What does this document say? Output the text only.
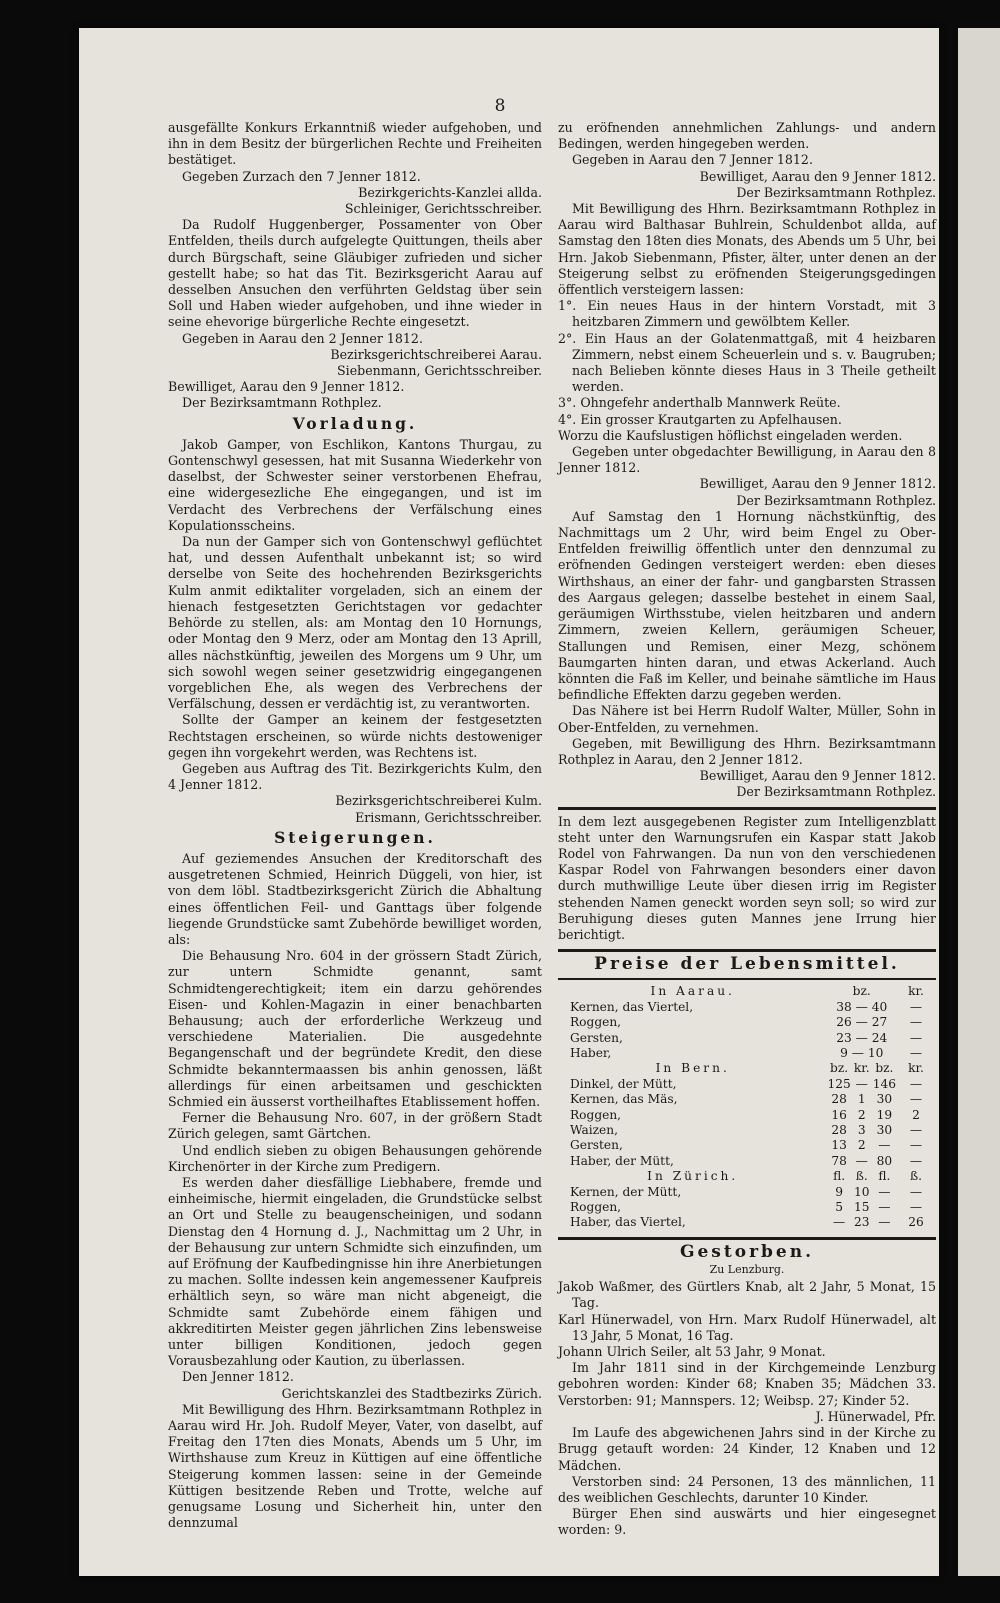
8

ausgefällte Konkurs Erkanntniß wieder aufgehoben, und ihn in dem Besitz der bürgerlichen Rechte und Freiheiten bestätiget.

Gegeben Zurzach den 7 Jenner 1812.

Bezirkgerichts-Kanzlei allda.

Schleiniger, Gerichtsschreiber.

Da Rudolf Huggenberger, Possamenter von Ober Entfelden, theils durch aufgelegte Quittungen, theils aber durch Bürgschaft, seine Gläubiger zufrieden und sicher gestellt habe; so hat das Tit. Bezirksgericht Aarau auf desselben Ansuchen den verführten Geldstag über sein Soll und Haben wieder aufgehoben, und ihne wieder in seine ehevorige bürgerliche Rechte eingesetzt.

Gegeben in Aarau den 2 Jenner 1812.

Bezirksgerichtschreiberei Aarau.

Siebenmann, Gerichtsschreiber.

Bewilliget, Aarau den 9 Jenner 1812.

Der Bezirksamtmann Rothplez.

Vorladung.

Jakob Gamper, von Eschlikon, Kantons Thurgau, zu Gontenschwyl gesessen, hat mit Susanna Wiederkehr von daselbst, der Schwester seiner verstorbenen Ehefrau, eine widergesezliche Ehe eingegangen, und ist im Verdacht des Verbrechens der Verfälschung eines Kopulationsscheins.

Da nun der Gamper sich von Gontenschwyl geflüchtet hat, und dessen Aufenthalt unbekannt ist; so wird derselbe von Seite des hochehrenden Bezirksgerichts Kulm anmit ediktaliter vorgeladen, sich an einem der hienach festgesetzten Gerichtstagen vor gedachter Behörde zu stellen, als: am Montag den 10 Hornungs, oder Montag den 9 Merz, oder am Montag den 13 Aprill, alles nächstkünftig, jeweilen des Morgens um 9 Uhr, um sich sowohl wegen seiner gesetzwidrig eingegangenen vorgeblichen Ehe, als wegen des Verbrechens der Verfälschung, dessen er verdächtig ist, zu verantworten.

Sollte der Gamper an keinem der festgesetzten Rechtstagen erscheinen, so würde nichts destoweniger gegen ihn vorgekehrt werden, was Rechtens ist.

Gegeben aus Auftrag des Tit. Bezirkgerichts Kulm, den 4 Jenner 1812.

Bezirksgerichtschreiberei Kulm.

Erismann, Gerichtsschreiber.

Steigerungen.

Auf geziemendes Ansuchen der Kreditorschaft des ausgetretenen Schmied, Heinrich Düggeli, von hier, ist von dem löbl. Stadtbezirksgericht Zürich die Abhaltung eines öffentlichen Feil- und Ganttags über folgende liegende Grundstücke samt Zubehörde bewilliget worden, als:

Die Behausung Nro. 604 in der grössern Stadt Zürich, zur untern Schmidte genannt, samt Schmidtengerechtigkeit; item ein darzu gehörendes Eisen- und Kohlen-Magazin in einer benachbarten Behausung; auch der erforderliche Werkzeug und verschiedene Materialien. Die ausgedehnte Begangenschaft und der begründete Kredit, den diese Schmidte bekanntermaassen bis anhin genossen, läßt allerdings für einen arbeitsamen und geschickten Schmied ein äusserst vortheilhaftes Etablissement hoffen.

Ferner die Behausung Nro. 607, in der größern Stadt Zürich gelegen, samt Gärtchen.

Und endlich sieben zu obigen Behausungen gehörende Kirchenörter in der Kirche zum Predigern.

Es werden daher diesfällige Liebhabere, fremde und einheimische, hiermit eingeladen, die Grundstücke selbst an Ort und Stelle zu beaugenscheinigen, und sodann Dienstag den 4 Hornung d. J., Nachmittag um 2 Uhr, in der Behausung zur untern Schmidte sich einzufinden, um auf Eröfnung der Kaufbedingnisse hin ihre Anerbietungen zu machen. Sollte indessen kein angemessener Kaufpreis erhältlich seyn, so wäre man nicht abgeneigt, die Schmidte samt Zubehörde einem fähigen und akkreditirten Meister gegen jährlichen Zins lebensweise unter billigen Konditionen, jedoch gegen Vorausbezahlung oder Kaution, zu überlassen.

Den Jenner 1812.

Gerichtskanzlei des Stadtbezirks Zürich.

Mit Bewilligung des Hhrn. Bezirksamtmann Rothplez in Aarau wird Hr. Joh. Rudolf Meyer, Vater, von daselbt, auf Freitag den 17ten dies Monats, Abends um 5 Uhr, im Wirthshause zum Kreuz in Küttigen auf eine öffentliche Steigerung kommen lassen: seine in der Gemeinde Küttigen besitzende Reben und Trotte, welche auf genugsame Losung und Sicherheit hin, unter den dennzumal

zu eröfnenden annehmlichen Zahlungs- und andern Bedingen, werden hingegeben werden.

Gegeben in Aarau den 7 Jenner 1812.

Bewilliget, Aarau den 9 Jenner 1812.

Der Bezirksamtmann Rothplez.

Mit Bewilligung des Hhrn. Bezirksamtmann Rothplez in Aarau wird Balthasar Buhlrein, Schuldenbot allda, auf Samstag den 18ten dies Monats, des Abends um 5 Uhr, bei Hrn. Jakob Siebenmann, Pfister, älter, unter denen an der Steigerung selbst zu eröfnenden Steigerungsgedingen öffentlich versteigern lassen:

1°. Ein neues Haus in der hintern Vorstadt, mit 3 heitzbaren Zimmern und gewölbtem Keller.

2°. Ein Haus an der Golatenmattgaß, mit 4 heizbaren Zimmern, nebst einem Scheuerlein und s. v. Baugruben; nach Belieben könnte dieses Haus in 3 Theile getheilt werden.

3°. Ohngefehr anderthalb Mannwerk Reüte.

4°. Ein grosser Krautgarten zu Apfelhausen.

Worzu die Kaufslustigen höflichst eingeladen werden.

Gegeben unter obgedachter Bewilligung, in Aarau den 8 Jenner 1812.

Bewilliget, Aarau den 9 Jenner 1812.

Der Bezirksamtmann Rothplez.

Auf Samstag den 1 Hornung nächstkünftig, des Nachmittags um 2 Uhr, wird beim Engel zu Ober-Entfelden freiwillig öffentlich unter den dennzumal zu eröfnenden Gedingen versteigert werden: eben dieses Wirthshaus, an einer der fahr- und gangbarsten Strassen des Aargaus gelegen; dasselbe bestehet in einem Saal, geräumigen Wirthsstube, vielen heitzbaren und andern Zimmern, zweien Kellern, geräumigen Scheuer, Stallungen und Remisen, einer Mezg, schönem Baumgarten hinten daran, und etwas Ackerland. Auch könnten die Faß im Keller, und beinahe sämtliche im Haus befindliche Effekten darzu gegeben werden.

Das Nähere ist bei Herrn Rudolf Walter, Müller, Sohn in Ober-Entfelden, zu vernehmen.

Gegeben, mit Bewilligung des Hhrn. Bezirksamtmann Rothplez in Aarau, den 2 Jenner 1812.

Bewilliget, Aarau den 9 Jenner 1812.

Der Bezirksamtmann Rothplez.

In dem lezt ausgegebenen Register zum Intelligenzblatt steht unter den Warnungsrufen ein Kaspar statt Jakob Rodel von Fahrwangen. Da nun von den verschiedenen Kaspar Rodel von Fahrwangen besonders einer davon durch muthwillige Leute über diesen irrig im Register stehenden Namen geneckt worden seyn soll; so wird zur Beruhigung dieses guten Mannes jene Irrung hier berichtigt.

Preise der Lebensmittel.
In Aarau.	bz.			kr.
Kernen, das Viertel,	38 — 40			—
Roggen,	26 — 27			—
Gersten,	23 — 24			—
Haber,	9 — 10			—
In Bern.	bz.	kr.	bz.	kr.
Dinkel, der Mütt,	125	—	146	—
Kernen, das Mäs,	28	1	30	—
Roggen,	16	2	19	2
Waizen,	28	3	30	—
Gersten,	13	2	—	—
Haber, der Mütt,	78	—	80	—
In Zürich.	fl.	ß.	fl.	ß.
Kernen, der Mütt,	9	10	—	—
Roggen,	5	15	—	—
Haber, das Viertel,	—	23	—	26
Gestorben.
Zu Lenzburg.

Jakob Waßmer, des Gürtlers Knab, alt 2 Jahr, 5 Monat, 15 Tag.

Karl Hünerwadel, von Hrn. Marx Rudolf Hünerwadel, alt 13 Jahr, 5 Monat, 16 Tag.

Johann Ulrich Seiler, alt 53 Jahr, 9 Monat.

Im Jahr 1811 sind in der Kirchgemeinde Lenzburg gebohren worden: Kinder 68; Knaben 35; Mädchen 33. Verstorben: 91; Mannspers. 12; Weibsp. 27; Kinder 52.

J. Hünerwadel, Pfr.

Im Laufe des abgewichenen Jahrs sind in der Kirche zu Brugg getauft worden: 24 Kinder, 12 Knaben und 12 Mädchen.

Verstorben sind: 24 Personen, 13 des männlichen, 11 des weiblichen Geschlechts, darunter 10 Kinder.

Bürger Ehen sind auswärts und hier eingesegnet worden: 9.
